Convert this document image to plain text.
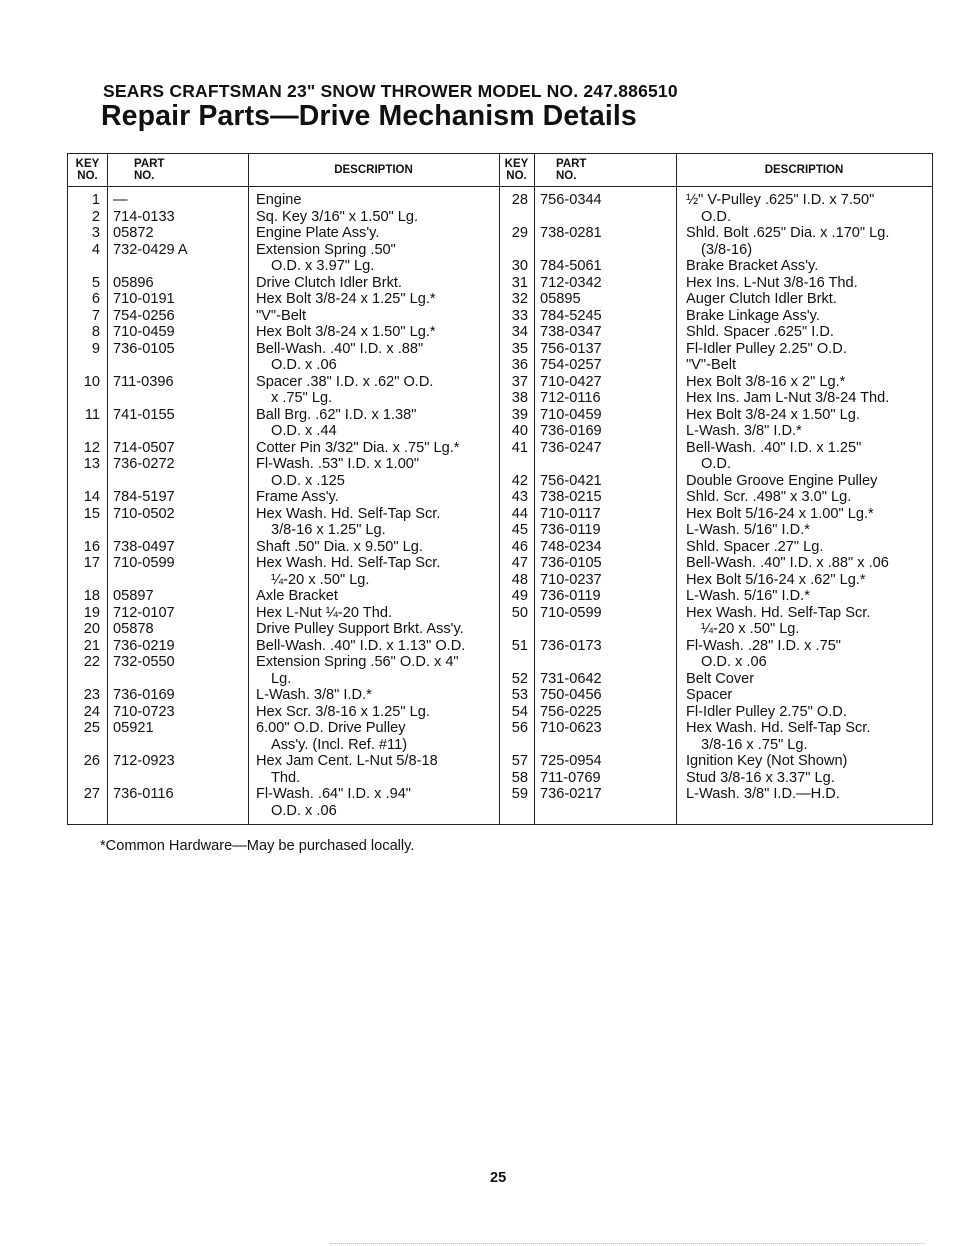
SEARS CRAFTSMAN 23" SNOW THROWER MODEL NO. 247.886510
Repair Parts—Drive Mechanism Details
KEY
NO.
PART
NO.
DESCRIPTION
KEY
NO.
PART
NO.
DESCRIPTION
1
2
3
4
5
6
7
8
9
10
11
12
13
14
15
16
17
18
19
20
21
22
23
24
25
26
27
—
714-0133
05872
732-0429 A
05896
710-0191
754-0256
710-0459
736-0105
711-0396
741-0155
714-0507
736-0272
784-5197
710-0502
738-0497
710-0599
05897
712-0107
05878
736-0219
732-0550
736-0169
710-0723
05921
712-0923
736-0116
Engine
Sq. Key 3/16" x 1.50" Lg.
Engine Plate Ass'y.
Extension Spring .50"
O.D. x 3.97" Lg.
Drive Clutch Idler Brkt.
Hex Bolt 3/8-24 x 1.25" Lg.*
"V"-Belt
Hex Bolt 3/8-24 x 1.50" Lg.*
Bell-Wash. .40" I.D. x .88"
O.D. x .06
Spacer .38" I.D. x .62" O.D.
x .75" Lg.
Ball Brg. .62" I.D. x 1.38"
O.D. x .44
Cotter Pin 3/32" Dia. x .75" Lg.*
Fl-Wash. .53" I.D. x 1.00"
O.D. x .125
Frame Ass'y.
Hex Wash. Hd. Self-Tap Scr.
3/8-16 x 1.25" Lg.
Shaft .50" Dia. x 9.50" Lg.
Hex Wash. Hd. Self-Tap Scr.
¼-20 x .50" Lg.
Axle Bracket
Hex L-Nut ¼-20 Thd.
Drive Pulley Support Brkt. Ass'y.
Bell-Wash. .40" I.D. x 1.13" O.D.
Extension Spring .56" O.D. x 4"
Lg.
L-Wash. 3/8" I.D.*
Hex Scr. 3/8-16 x 1.25" Lg.
6.00" O.D. Drive Pulley
Ass'y. (Incl. Ref. #11)
Hex Jam Cent. L-Nut 5/8-18
Thd.
Fl-Wash. .64" I.D. x .94"
O.D. x .06
28
29
30
31
32
33
34
35
36
37
38
39
40
41
42
43
44
45
46
47
48
49
50
51
52
53
54
56
57
58
59
756-0344
738-0281
784-5061
712-0342
05895
784-5245
738-0347
756-0137
754-0257
710-0427
712-0116
710-0459
736-0169
736-0247
756-0421
738-0215
710-0117
736-0119
748-0234
736-0105
710-0237
736-0119
710-0599
736-0173
731-0642
750-0456
756-0225
710-0623
725-0954
711-0769
736-0217
½" V-Pulley .625" I.D. x 7.50"
O.D.
Shld. Bolt .625" Dia. x .170" Lg.
(3/8-16)
Brake Bracket Ass'y.
Hex Ins. L-Nut 3/8-16 Thd.
Auger Clutch Idler Brkt.
Brake Linkage Ass'y.
Shld. Spacer .625" I.D.
Fl-Idler Pulley 2.25" O.D.
"V"-Belt
Hex Bolt 3/8-16 x 2" Lg.*
Hex Ins. Jam L-Nut 3/8-24 Thd.
Hex Bolt 3/8-24 x 1.50" Lg.
L-Wash. 3/8" I.D.*
Bell-Wash. .40" I.D. x 1.25"
O.D.
Double Groove Engine Pulley
Shld. Scr. .498" x 3.0" Lg.
Hex Bolt 5/16-24 x 1.00" Lg.*
L-Wash. 5/16" I.D.*
Shld. Spacer .27" Lg.
Bell-Wash. .40" I.D. x .88" x .06
Hex Bolt 5/16-24 x .62" Lg.*
L-Wash. 5/16" I.D.*
Hex Wash. Hd. Self-Tap Scr.
¼-20 x .50" Lg.
Fl-Wash. .28" I.D. x .75"
O.D. x .06
Belt Cover
Spacer
Fl-Idler Pulley 2.75" O.D.
Hex Wash. Hd. Self-Tap Scr.
3/8-16 x .75" Lg.
Ignition Key (Not Shown)
Stud 3/8-16 x 3.37" Lg.
L-Wash. 3/8" I.D.—H.D.
*Common Hardware—May be purchased locally.
25
